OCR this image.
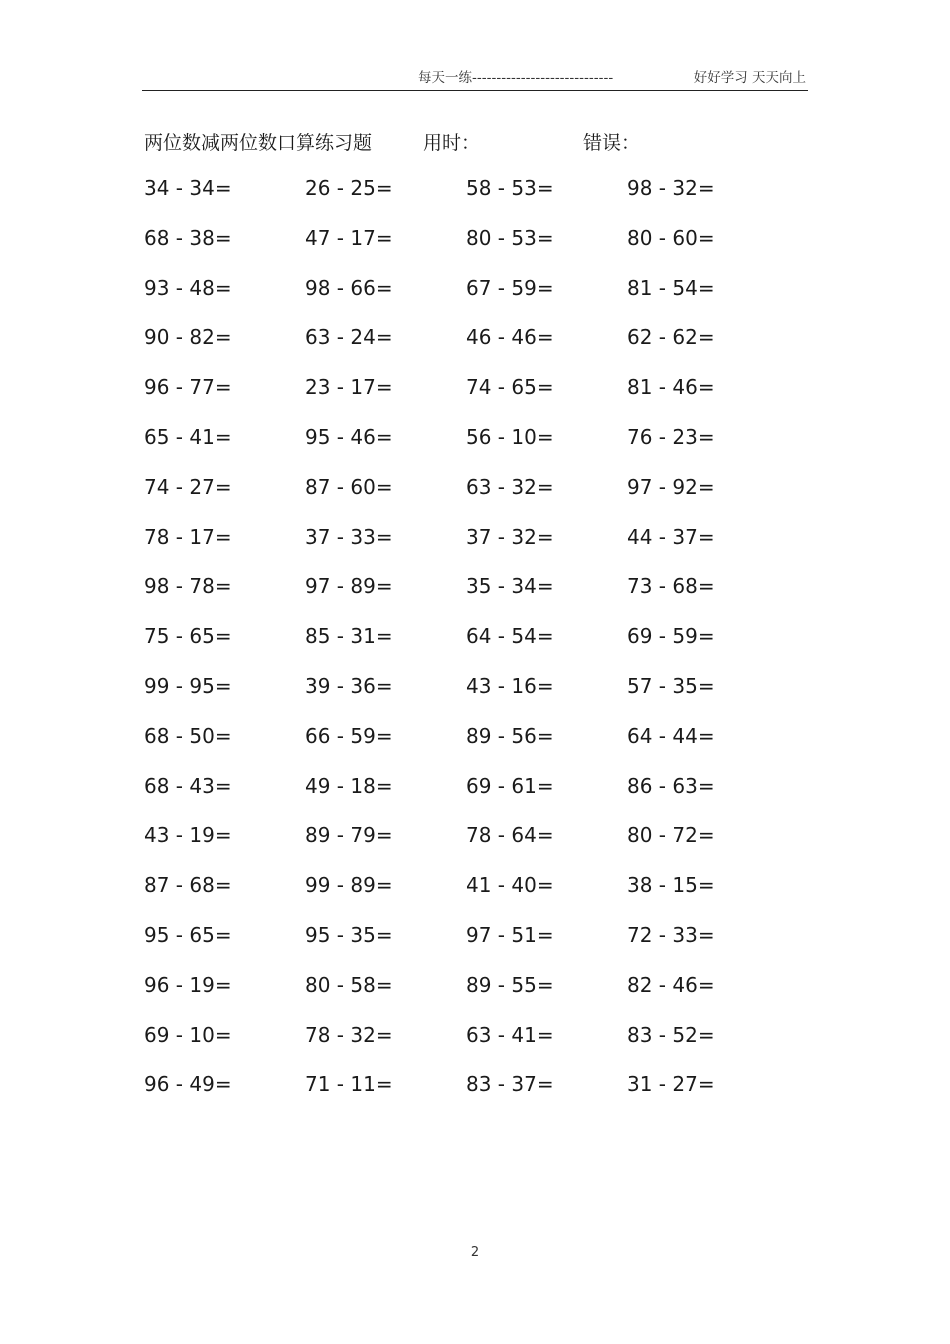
每天一练-----------------------------	好好学习 天天向上
两位数减两位数口算练习题	用时：	错误：
34 - 34=	26 - 25=	58 - 53=	98 - 32=
68 - 38=	47 - 17=	80 - 53=	80 - 60=
93 - 48=	98 - 66=	67 - 59=	81 - 54=
90 - 82=	63 - 24=	46 - 46=	62 - 62=
96 - 77=	23 - 17=	74 - 65=	81 - 46=
65 - 41=	95 - 46=	56 - 10=	76 - 23=
74 - 27=	87 - 60=	63 - 32=	97 - 92=
78 - 17=	37 - 33=	37 - 32=	44 - 37=
98 - 78=	97 - 89=	35 - 34=	73 - 68=
75 - 65=	85 - 31=	64 - 54=	69 - 59=
99 - 95=	39 - 36=	43 - 16=	57 - 35=
68 - 50=	66 - 59=	89 - 56=	64 - 44=
68 - 43=	49 - 18=	69 - 61=	86 - 63=
43 - 19=	89 - 79=	78 - 64=	80 - 72=
87 - 68=	99 - 89=	41 - 40=	38 - 15=
95 - 65=	95 - 35=	97 - 51=	72 - 33=
96 - 19=	80 - 58=	89 - 55=	82 - 46=
69 - 10=	78 - 32=	63 - 41=	83 - 52=
96 - 49=	71 - 11=	83 - 37=	31 - 27=
2
